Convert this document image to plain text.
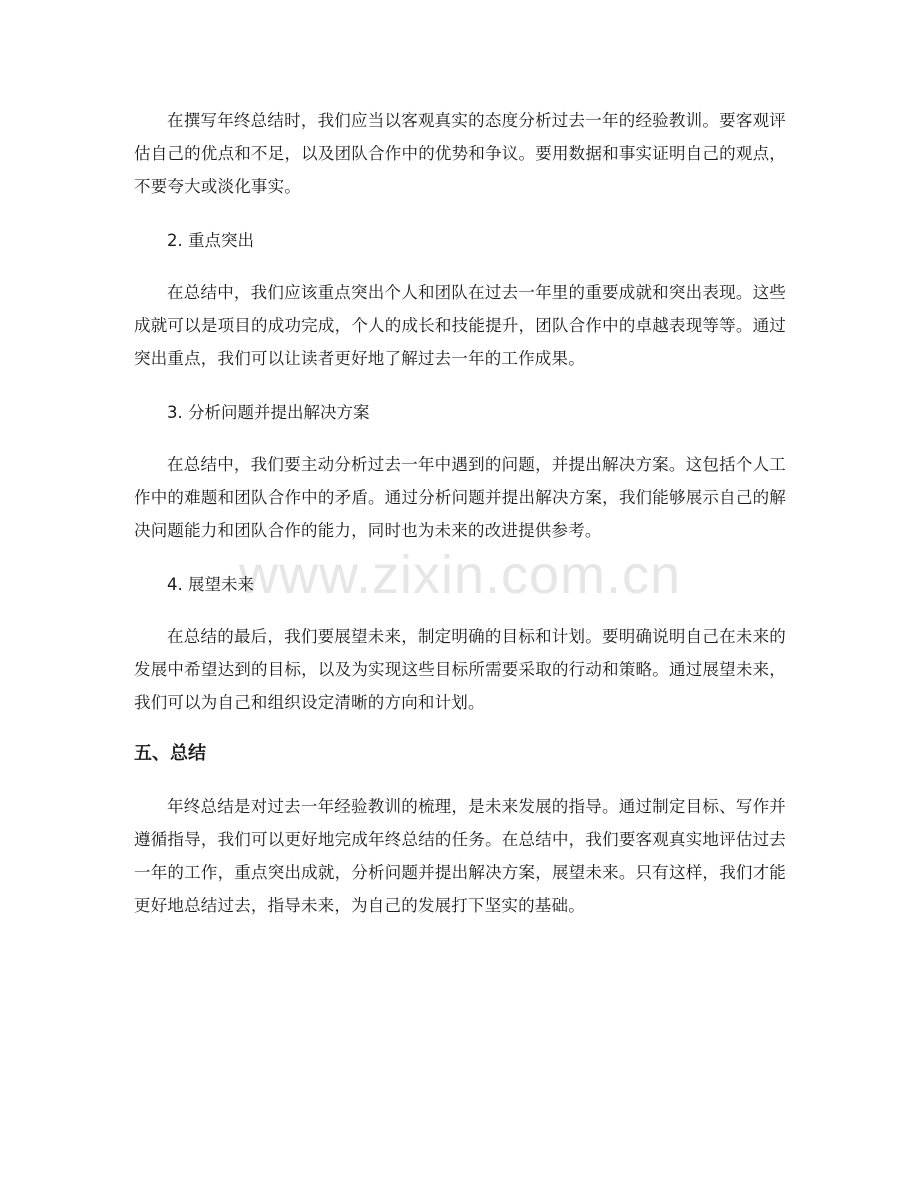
www.zixin.com.cn

在撰写年终总结时，我们应当以客观真实的态度分析过去一年的经验教训。要客观评估自己的优点和不足，以及团队合作中的优势和争议。要用数据和事实证明自己的观点，不要夸大或淡化事实。

2. 重点突出

在总结中，我们应该重点突出个人和团队在过去一年里的重要成就和突出表现。这些成就可以是项目的成功完成，个人的成长和技能提升，团队合作中的卓越表现等等。通过突出重点，我们可以让读者更好地了解过去一年的工作成果。

3. 分析问题并提出解决方案

在总结中，我们要主动分析过去一年中遇到的问题，并提出解决方案。这包括个人工作中的难题和团队合作中的矛盾。通过分析问题并提出解决方案，我们能够展示自己的解决问题能力和团队合作的能力，同时也为未来的改进提供参考。

4. 展望未来

在总结的最后，我们要展望未来，制定明确的目标和计划。要明确说明自己在未来的发展中希望达到的目标，以及为实现这些目标所需要采取的行动和策略。通过展望未来，我们可以为自己和组织设定清晰的方向和计划。

五、总结

年终总结是对过去一年经验教训的梳理，是未来发展的指导。通过制定目标、写作并遵循指导，我们可以更好地完成年终总结的任务。在总结中，我们要客观真实地评估过去一年的工作，重点突出成就，分析问题并提出解决方案，展望未来。只有这样，我们才能更好地总结过去，指导未来，为自己的发展打下坚实的基础。
